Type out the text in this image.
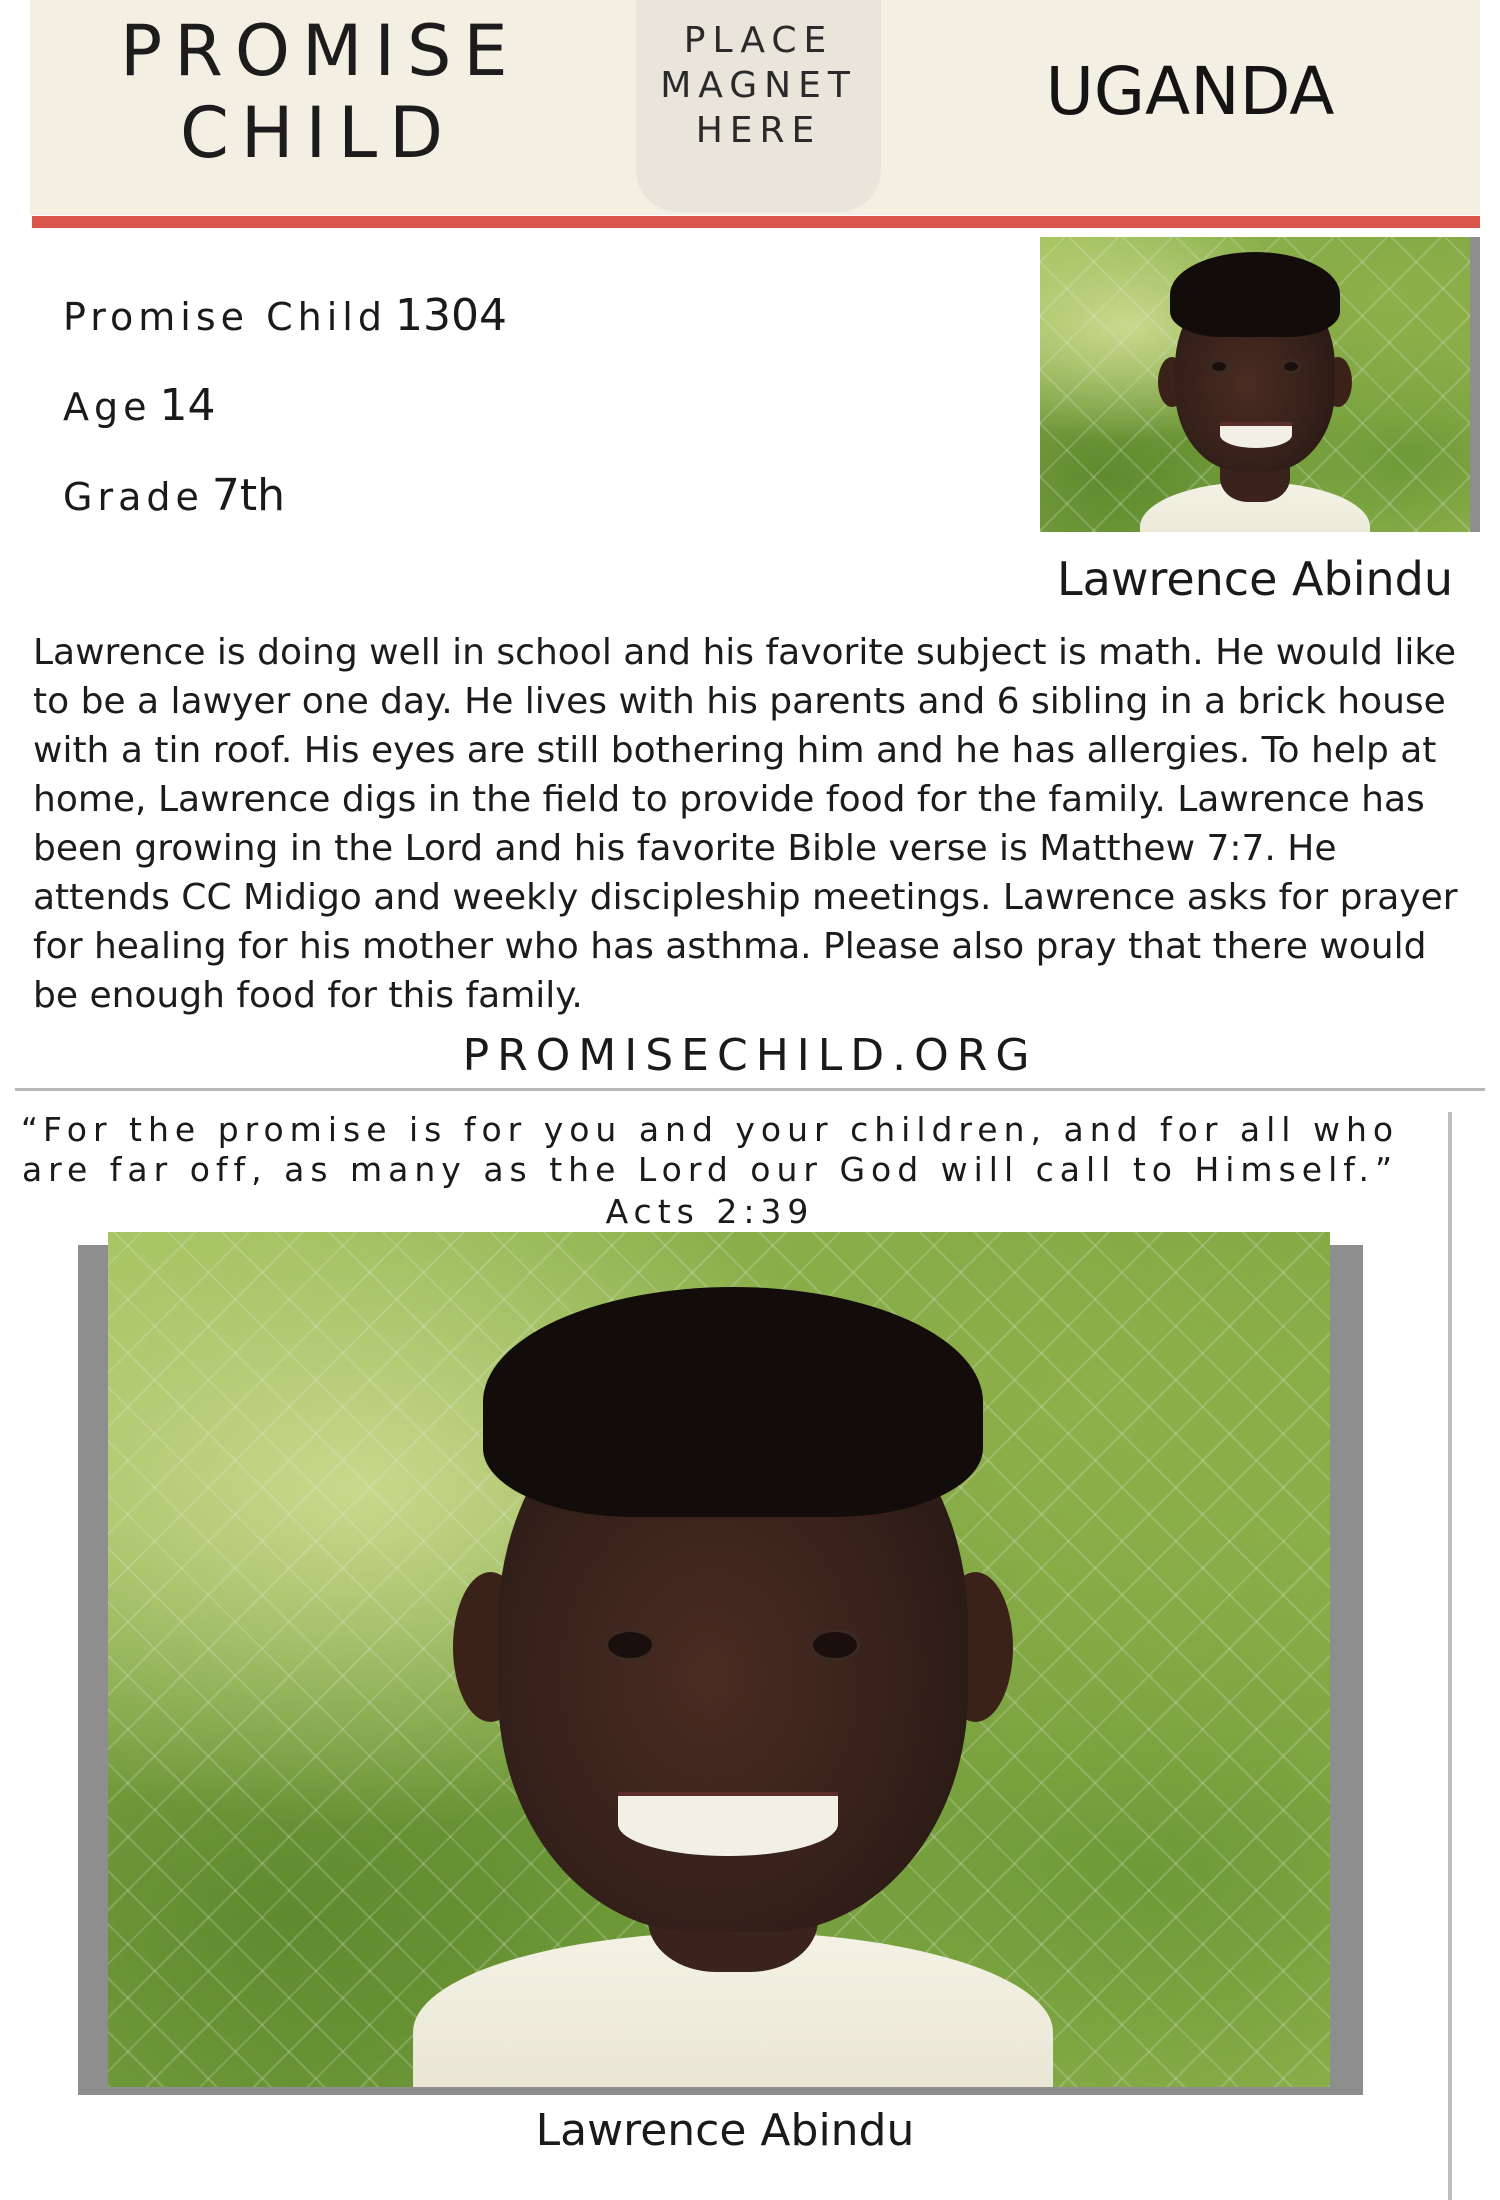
PROMISE
CHILD
PLACE
MAGNET
HERE
UGANDA
Promise Child 1304
Age 14
Grade 7th
Lawrence Abindu
Lawrence is doing well in school and his favorite subject is math. He would like to be a lawyer one day. He lives with his parents and 6 sibling in a brick house with a tin roof. His eyes are still bothering him and he has allergies. To help at home, Lawrence digs in the field to provide food for the family. Lawrence has been growing in the Lord and his favorite Bible verse is Matthew 7:7. He attends CC Midigo and weekly discipleship meetings. Lawrence asks for prayer for healing for his mother who has asthma. Please also pray that there would be enough food for this family.
PROMISECHILD.ORG
“For the promise is for you and your children, and for all who
are far off, as many as the Lord our God will call to Himself.”
Acts 2:39
Lawrence Abindu
